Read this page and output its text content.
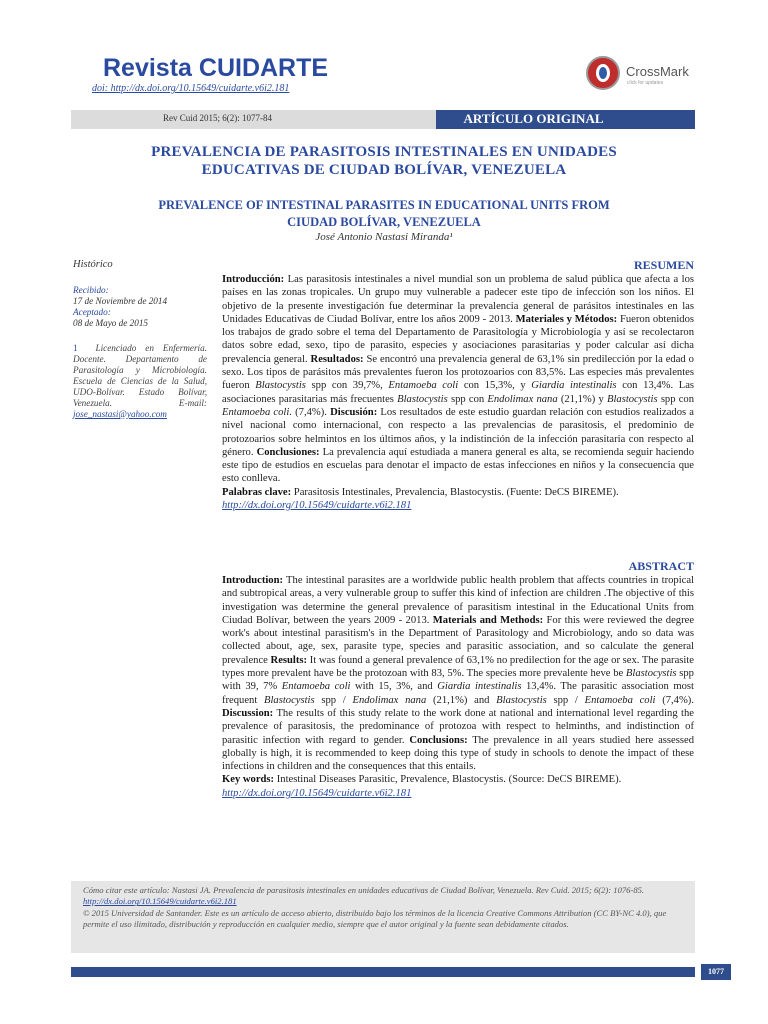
Revista CUIDARTE
doi: http://dx.doi.org/10.15649/cuidarte.v6i2.181
CrossMark
click for updates
Rev Cuid 2015; 6(2): 1077-84	ARTÍCULO ORIGINAL
PREVALENCIA DE PARASITOSIS INTESTINALES EN UNIDADES
EDUCATIVAS DE CIUDAD BOLÍVAR, VENEZUELA
PREVALENCE OF INTESTINAL PARASITES IN EDUCATIONAL UNITS FROM
CIUDAD BOLÍVAR, VENEZUELA
José Antonio Nastasi Miranda¹
Histórico
Recibido:
17 de Noviembre de 2014
Aceptado:
08 de Mayo de 2015
1 Licenciado en Enfermería. Docente. Departamento de Parasitología y Microbiología. Escuela de Ciencias de la Salud, UDO-Bolívar. Estado Bolívar, Venezuela. E-mail: jose_nastasi@yahoo.com
RESUMEN
Introducción: Las parasitosis intestinales a nivel mundial son un problema de salud pública que afecta a los países en las zonas tropicales. Un grupo muy vulnerable a padecer este tipo de infección son los niños. El objetivo de la presente investigación fue determinar la prevalencia general de parásitos intestinales en las Unidades Educativas de Ciudad Bolívar, entre los años 2009 - 2013. Materiales y Métodos: Fueron obtenidos los trabajos de grado sobre el tema del Departamento de Parasitología y Microbiología y así se recolectaron datos sobre edad, sexo, tipo de parasito, especies y asociaciones parasitarias y poder calcular así dicha prevalencia general. Resultados: Se encontró una prevalencia general de 63,1% sin predilección por la edad o sexo. Los tipos de parásitos más prevalentes fueron los protozoarios con 83,5%. Las especies más prevalentes fueron Blastocystis spp con 39,7%, Entamoeba coli con 15,3%, y Giardia intestinalis con 13,4%. Las asociaciones parasitarias más frecuentes Blastocystis spp con Endolimax nana (21,1%) y Blastocystis spp con Entamoeba coli. (7,4%). Discusión: Los resultados de este estudio guardan relación con estudios realizados a nivel nacional como internacional, con respecto a las prevalencias de parasitosis, el predominio de protozoarios sobre helmintos en los últimos años, y la indistinción de la infección parasitaria con respecto al género. Conclusiones: La prevalencia aquí estudiada a manera general es alta, se recomienda seguir haciendo este tipo de estudios en escuelas para denotar el impacto de estas infecciones en niños y la consecuencia que esto conlleva.
Palabras clave: Parasitosis Intestinales, Prevalencia, Blastocystis. (Fuente: DeCS BIREME).
http://dx.doi.org/10.15649/cuidarte.v6i2.181
ABSTRACT
Introduction: The intestinal parasites are a worldwide public health problem that affects countries in tropical and subtropical areas, a very vulnerable group to suffer this kind of infection are children .The objective of this investigation was determine the general prevalence of parasitism intestinal in the Educational Units from Ciudad Bolívar, between the years 2009 - 2013. Materials and Methods: For this were reviewed the degree work's about intestinal parasitism's in the Department of Parasitology and Microbiology, ando so data was collected about, age, sex, parasite type, species and parasitic association, and so calculate the general prevalence Results: It was found a general prevalence of 63,1% no predilection for the age or sex. The parasite types more prevalent have be the protozoan with 83, 5%. The species more prevalente heve be Blastocystis spp with 39, 7% Entamoeba coli with 15, 3%, and Giardia intestinalis 13,4%. The parasitic association most frequent Blastocystis spp / Endolimax nana (21,1%) and Blastocystis spp / Entamoeba coli (7,4%). Discussion: The results of this study relate to the work done at national and international level regarding the prevalence of parasitosis, the predominance of protozoa with respect to helminths, and indistinction of parasitic infection with regard to gender. Conclusions: The prevalence in all years studied here assessed globally is high, it is recommended to keep doing this type of study in schools to denote the impact of these infections in children and the consequences that this entails.
Key words: Intestinal Diseases Parasitic, Prevalence, Blastocystis. (Source: DeCS BIREME).
http://dx.doi.org/10.15649/cuidarte.v6i2.181
Cómo citar este artículo: Nastasi JA. Prevalencia de parasitosis intestinales en unidades educativas de Ciudad Bolívar, Venezuela. Rev Cuid. 2015; 6(2): 1076-85. http://dx.doi.org/10.15649/cuidarte.v6i2.181
© 2015 Universidad de Santander. Este es un artículo de acceso abierto, distribuido bajo los términos de la licencia Creative Commons Attribution (CC BY-NC 4.0), que permite el uso ilimitado, distribución y reproducción en cualquier medio, siempre que el autor original y la fuente sean debidamente citados.
1077
